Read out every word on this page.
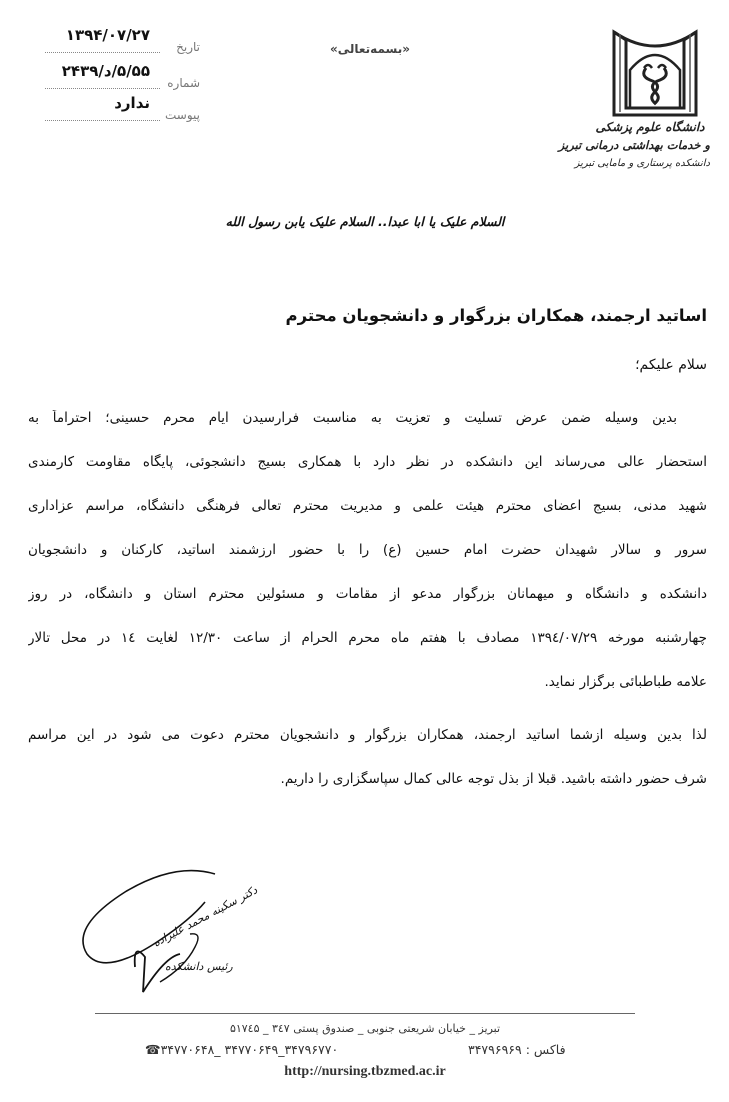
۱۳۹۴/۰۷/۲۷
تاریخ
۵/۵۵/د/۲۴۳۹
شماره
ندارد
پیوست
«بسمه‌تعالی»
دانشگاه علوم پزشکی
و خدمات بهداشتی درمانی تبریز
دانشکده پرستاری و مامایی تبریز
السلام علیک یا ابا عبدا.. السلام علیک یابن رسول الله
اساتید ارجمند، همکاران بزرگوار و دانشجویان محترم
سلام علیکم؛
بدین وسیله ضمن عرض تسلیت و تعزیت به مناسبت فرارسیدن ایام محرم حسینی؛ احتراماً به
استحضار عالی می‌رساند این دانشکده در نظر دارد با همکاری بسیج دانشجوئی، پایگاه مقاومت کارمندی
شهید مدنی، بسیج اعضای محترم هیئت علمی و مدیریت محترم تعالی فرهنگی دانشگاه، مراسم عزاداری
سرور و سالار شهیدان حضرت امام حسین (ع) را با حضور ارزشمند اساتید، کارکنان و دانشجویان
دانشکده و دانشگاه و میهمانان بزرگوار مدعو از مقامات و مسئولین محترم استان و دانشگاه، در روز
چهارشنبه مورخه ۱۳۹٤/۰۷/۲۹ مصادف با هفتم ماه محرم الحرام از ساعت ۱۲/۳۰ لغایت ۱٤ در محل تالار
علامه طباطبائی برگزار نماید.
لذا بدین وسیله ازشما اساتید ارجمند، همکاران بزرگوار و دانشجویان محترم دعوت می شود در این مراسم
شرف حضور داشته باشید. قبلا از بذل توجه عالی کمال سپاسگزاری را داریم.
دکتر سکینه محمد علیزاده
رئیس دانشکده
تبریز _ خیابان شریعتی جنوبی _ صندوق پستی ۳٤۷ _ ۵۱۷٤۵
☎۳۴۷۷۰۶۴۸_ ۳۴۷۷۰۶۴۹_۳۴۷۹۶۷۷۰	فاکس : ۳۴۷۹۶۹۶۹
http://nursing.tbzmed.ac.ir
